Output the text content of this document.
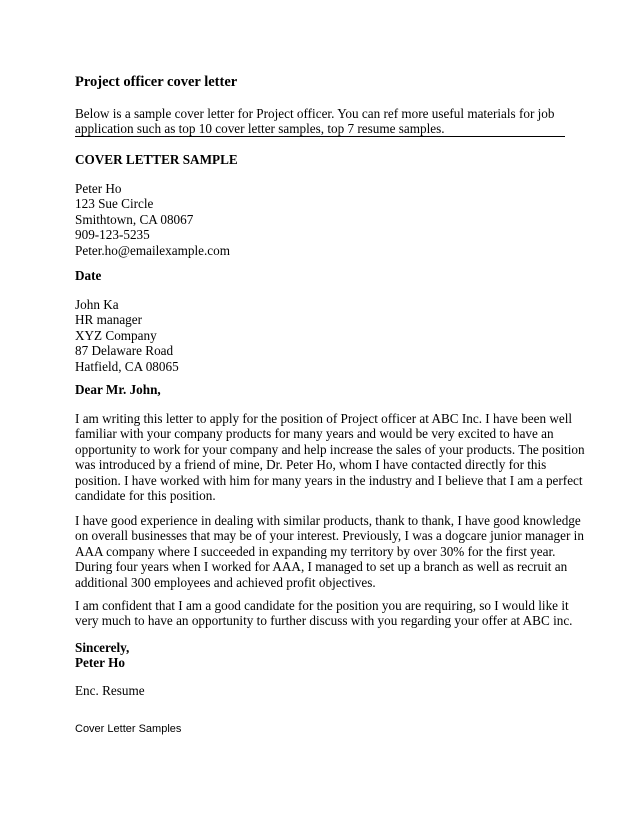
Project officer cover letter
Below is a sample cover letter for Project officer. You can ref more useful materials for job
application such as top 10 cover letter samples, top 7 resume samples.
COVER LETTER SAMPLE
Peter Ho
123 Sue Circle
Smithtown, CA 08067
909-123-5235
Peter.ho@emailexample.com
Date
John Ka
HR manager
XYZ Company
87 Delaware Road
Hatfield, CA 08065
Dear Mr. John,
I am writing this letter to apply for the position of Project officer at ABC Inc. I have been well
familiar with your company products for many years and would be very excited to have an
opportunity to work for your company and help increase the sales of your products. The position
was introduced by a friend of mine, Dr. Peter Ho, whom I have contacted directly for this
position. I have worked with him for many years in the industry and I believe that I am a perfect
candidate for this position.
I have good experience in dealing with similar products, thank to thank, I have good knowledge
on overall businesses that may be of your interest. Previously, I was a dogcare junior manager in
AAA company where I succeeded in expanding my territory by over 30% for the first year.
During four years when I worked for AAA, I managed to set up a branch as well as recruit an
additional 300 employees and achieved profit objectives.
I am confident that I am a good candidate for the position you are requiring, so I would like it
very much to have an opportunity to further discuss with you regarding your offer at ABC inc.
Sincerely,
Peter Ho
Enc. Resume
Cover Letter Samples
